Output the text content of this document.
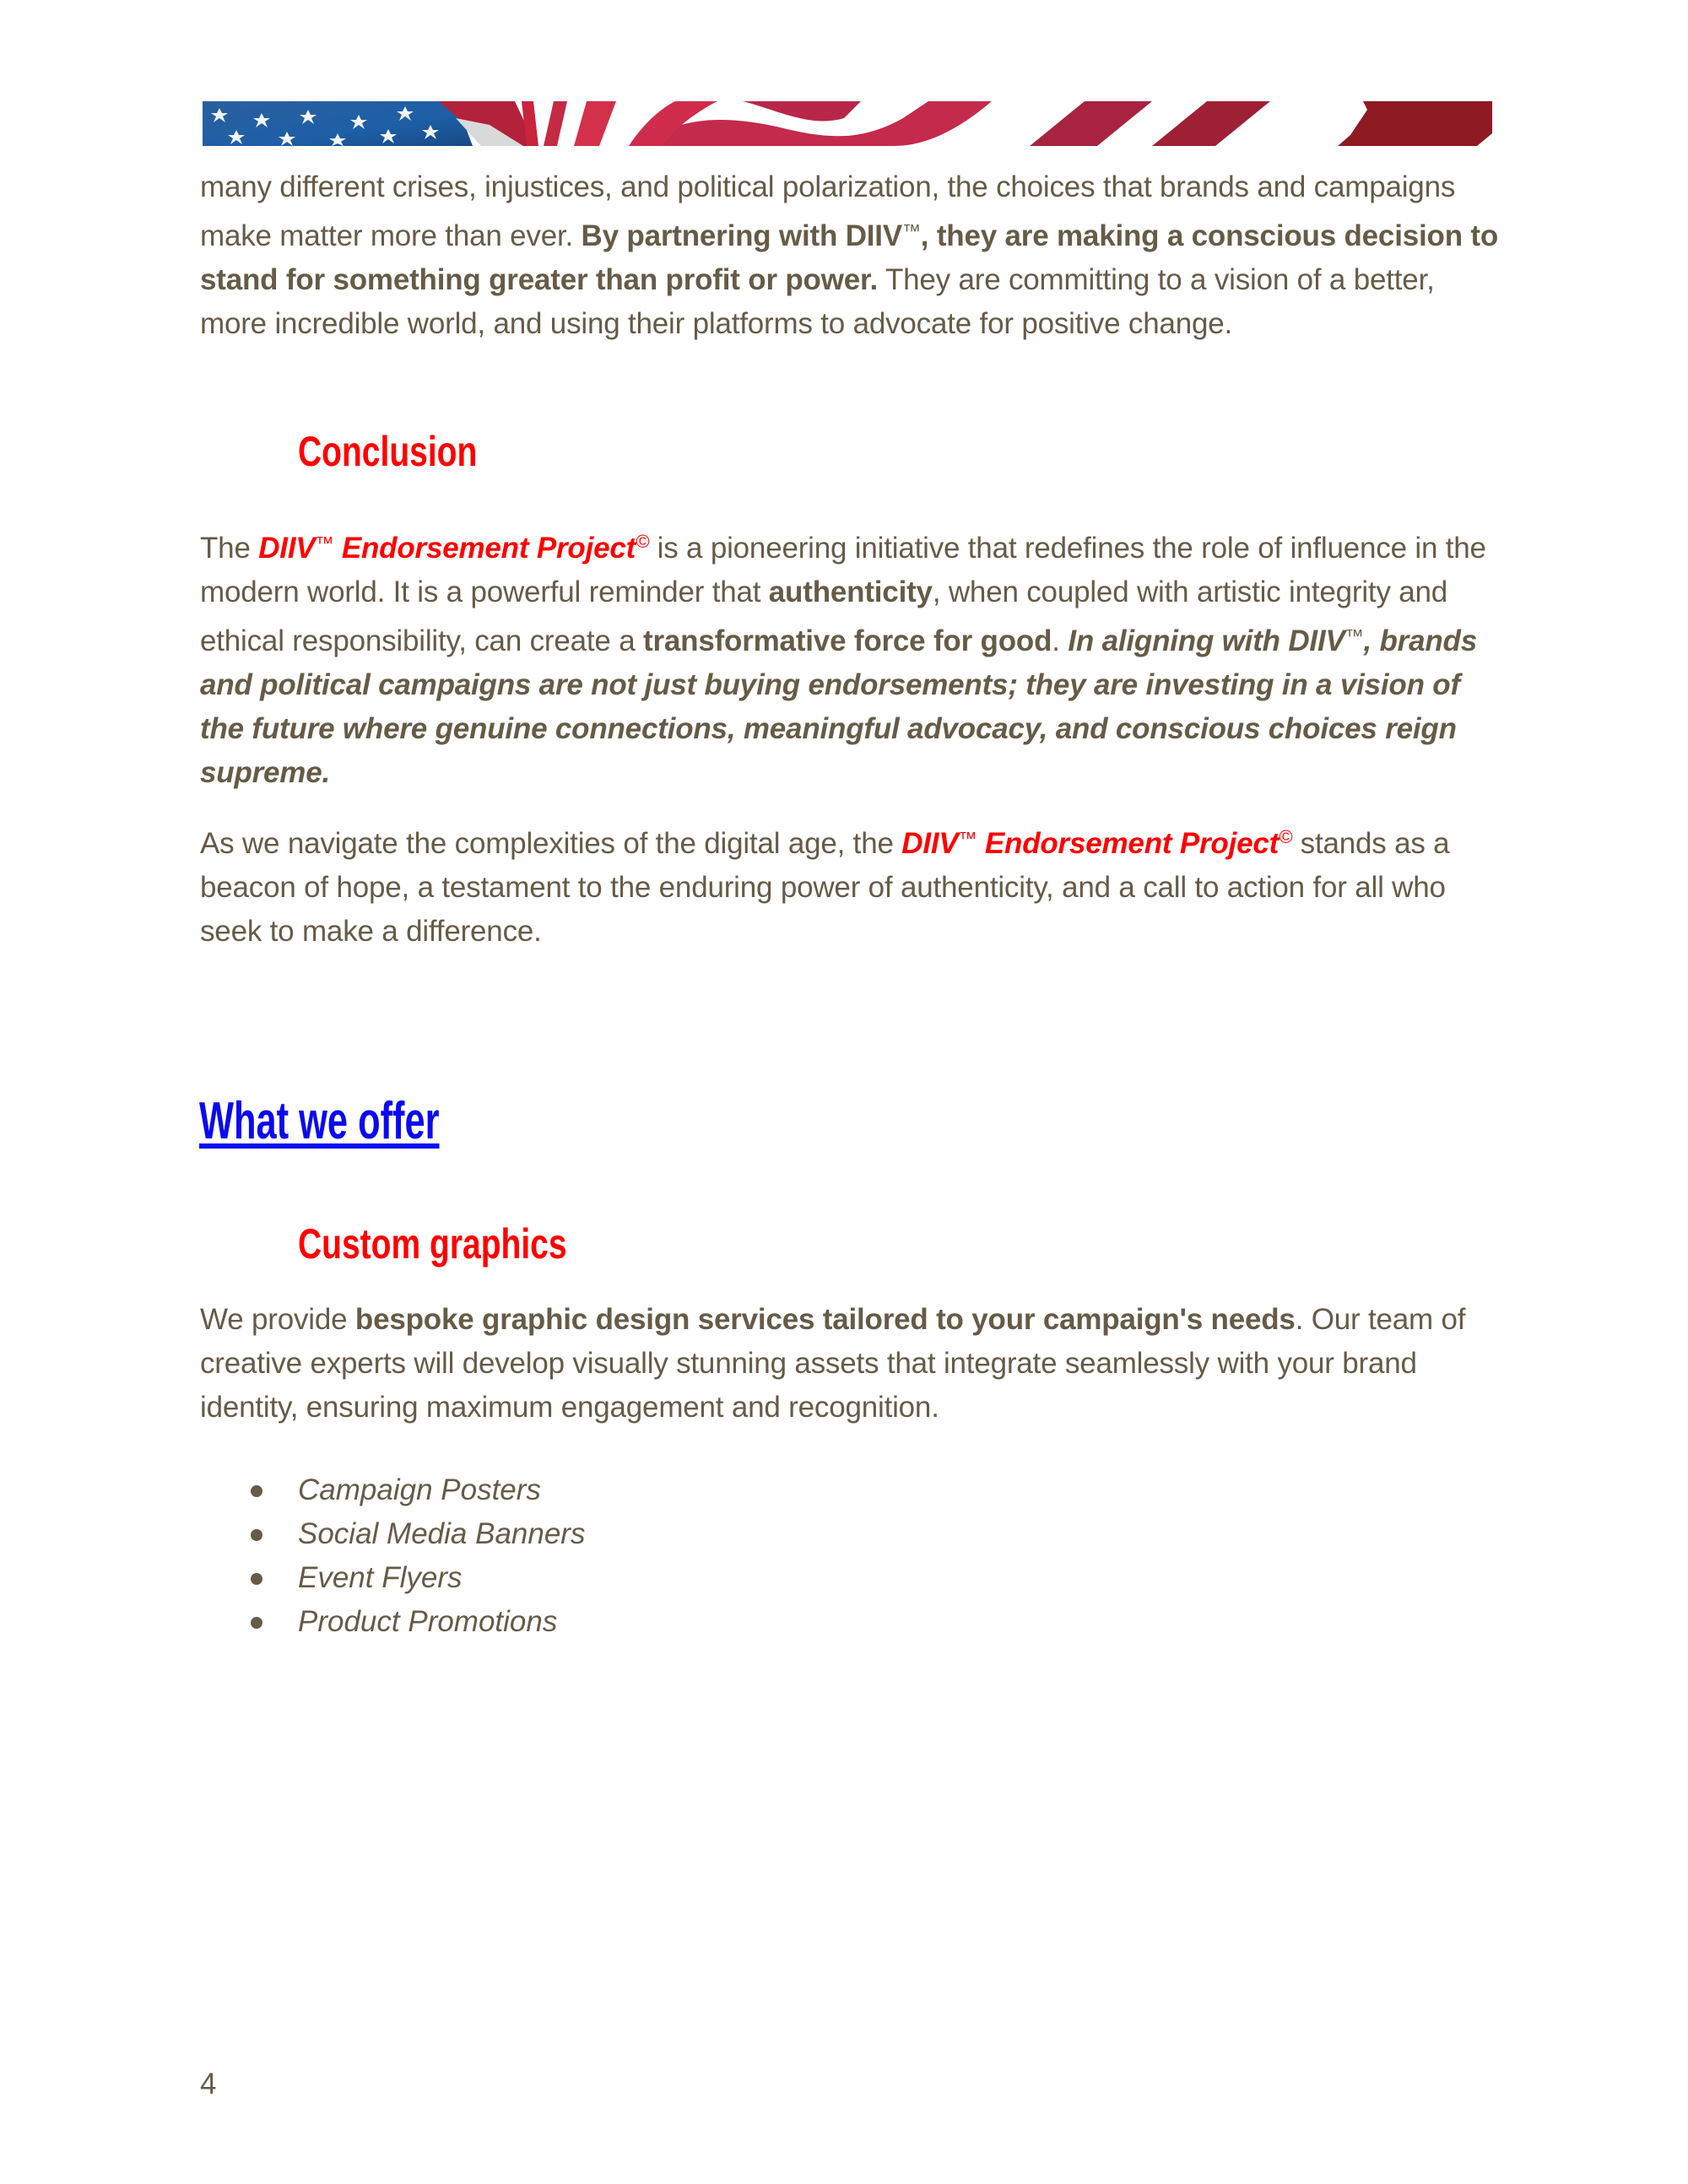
many different crises, injustices, and political polarization, the choices that brands and campaigns make matter more than ever. By partnering with DIIV™, they are making a conscious decision to stand for something greater than profit or power. They are committing to a vision of a better, more incredible world, and using their platforms to advocate for positive change.

Conclusion

The DIIV™ Endorsement Project© is a pioneering initiative that redefines the role of influence in the modern world. It is a powerful reminder that authenticity, when coupled with artistic integrity and ethical responsibility, can create a transformative force for good. In aligning with DIIV™, brands and political campaigns are not just buying endorsements; they are investing in a vision of the future where genuine connections, meaningful advocacy, and conscious choices reign supreme.

As we navigate the complexities of the digital age, the DIIV™ Endorsement Project© stands as a beacon of hope, a testament to the enduring power of authenticity, and a call to action for all who seek to make a difference.

What we offer
Custom graphics

We provide bespoke graphic design services tailored to your campaign's needs. Our team of creative experts will develop visually stunning assets that integrate seamlessly with your brand identity, ensuring maximum engagement and recognition.

Campaign Posters
Social Media Banners
Event Flyers
Product Promotions
4
